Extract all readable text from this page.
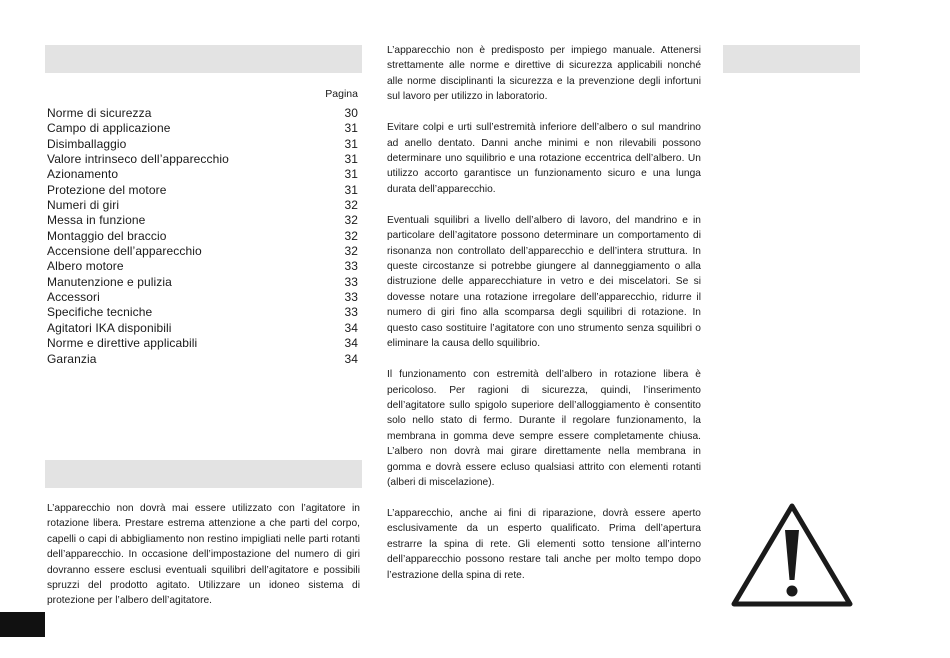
Pagina
Norme di sicurezza	30
Campo di applicazione	31
Disimballaggio	31
Valore intrinseco dell’apparecchio	31
Azionamento	31
Protezione del motore	31
Numeri di giri	32
Messa in funzione	32
Montaggio del braccio	32
Accensione dell’apparecchio	32
Albero motore	33
Manutenzione e pulizia	33
Accessori	33
Specifiche tecniche	33
Agitatori IKA disponibili	34
Norme e direttive applicabili	34
Garanzia	34

L’apparecchio non dovrà mai essere utilizzato con l’agitatore in rotazione libera. Prestare estrema attenzione a che parti del corpo, capelli o capi di abbigliamento non restino impigliati nelle parti rotanti dell’apparecchio. In occasione dell’impostazione del numero di giri dovranno essere esclusi eventuali squilibri dell’agitatore e possibili spruzzi del prodotto agitato. Utilizzare un idoneo sistema di protezione per l’albero dell’agitatore.

L’apparecchio non è predisposto per impiego manuale. Attenersi strettamente alle norme e direttive di sicurezza applicabili nonché alle norme disciplinanti la sicurezza e la prevenzione degli infortuni sul lavoro per utilizzo in laboratorio.

Evitare colpi e urti sull’estremità inferiore dell’albero o sul mandrino ad anello dentato. Danni anche minimi e non rilevabili possono determinare uno squilibrio e una rotazione eccentrica dell’albero. Un utilizzo accorto garantisce un funzionamento sicuro e una lunga durata dell’apparecchio.

Eventuali squilibri a livello dell’albero di lavoro, del mandrino e in particolare dell’agitatore possono determinare un comportamento di risonanza non controllato dell’apparecchio e dell’intera struttura. In queste circostanze si potrebbe giungere al danneggiamento o alla distruzione delle apparecchiature in vetro e dei miscelatori. Se si dovesse notare una rotazione irregolare dell’apparecchio, ridurre il numero di giri fino alla scomparsa degli squilibri di rotazione. In questo caso sostituire l’agitatore con uno strumento senza squilibri o eliminare la causa dello squilibrio.

Il funzionamento con estremità dell’albero in rotazione libera è pericoloso. Per ragioni di sicurezza, quindi, l’inserimento dell’agitatore sullo spigolo superiore dell’alloggiamento è consentito solo nello stato di fermo. Durante il regolare funzionamento, la membrana in gomma deve sempre essere completamente chiusa. L’albero non dovrà mai girare direttamente nella membrana in gomma e dovrà essere ecluso qualsiasi attrito con elementi rotanti (alberi di miscelazione).

L’apparecchio, anche ai fini di riparazione, dovrà essere aperto esclusivamente da un esperto qualificato. Prima dell’apertura estrarre la spina di rete. Gli elementi sotto tensione all’interno dell’apparecchio possono restare tali anche per molto tempo dopo l’estrazione della spina di rete.
